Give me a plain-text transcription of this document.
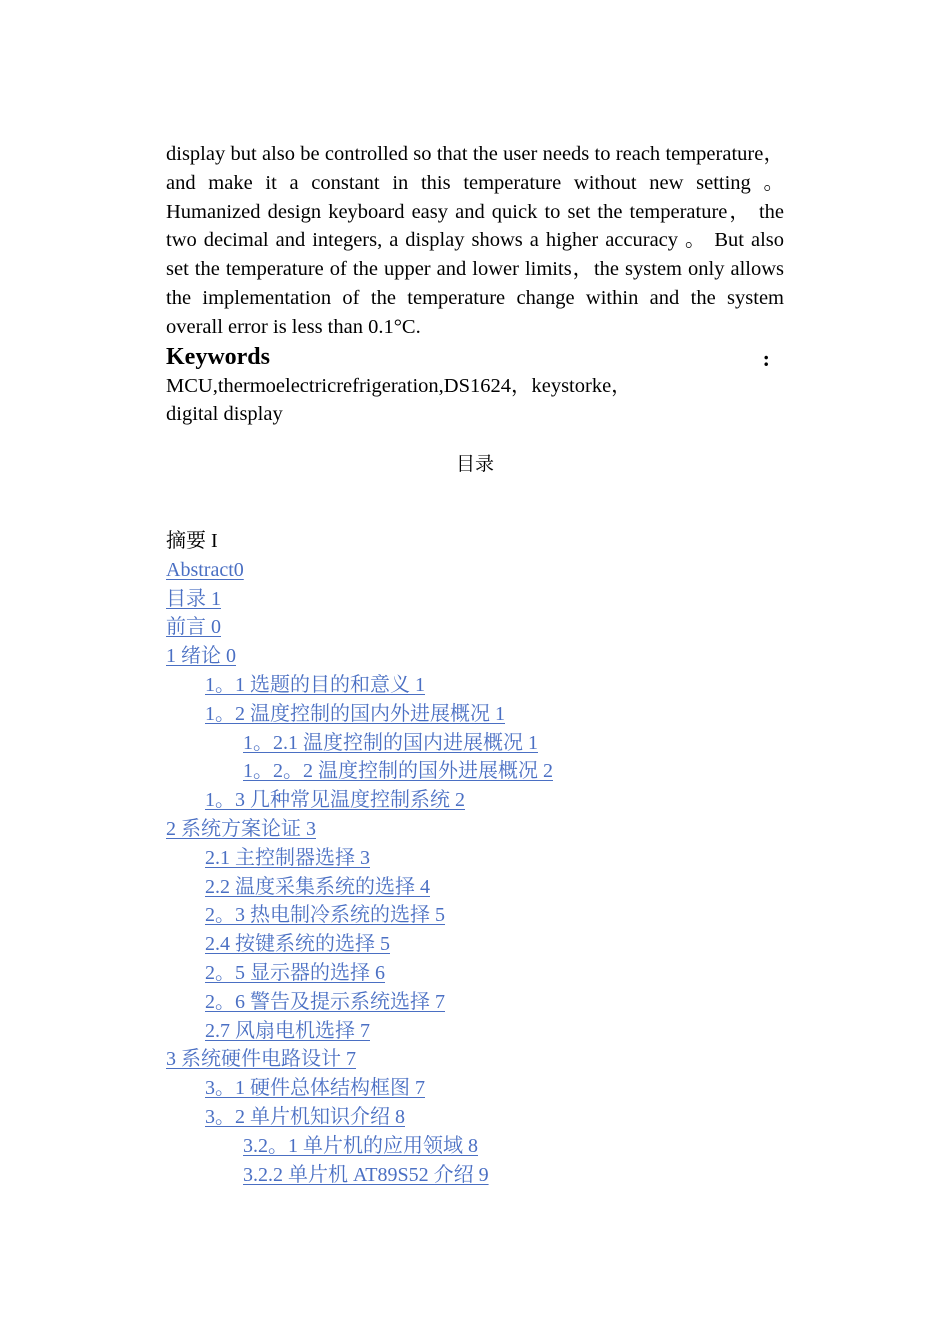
display but also be controlled so that the user needs to reach temperature， and make it a constant in this temperature without new setting 。 Humanized design keyboard easy and quick to set the temperature， the two decimal and integers, a display shows a higher accuracy 。 But also set the temperature of the upper and lower limits，the system only allows the implementation of the temperature change within and the system overall error is less than 0.1°C.

Keywords	:

MCU,thermoelectricrefrigeration,DS1624，keystorke，
digital display

目录
摘要 I
Abstract0
目录 1
前言 0
1 绪论 0
1。1 选题的目的和意义 1
1。2 温度控制的国内外进展概况 1
1。2.1 温度控制的国内进展概况 1
1。2。2 温度控制的国外进展概况 2
1。3 几种常见温度控制系统 2
2 系统方案论证 3
2.1 主控制器选择 3
2.2 温度采集系统的选择 4
2。3 热电制冷系统的选择 5
2.4 按键系统的选择 5
2。5 显示器的选择 6
2。6 警告及提示系统选择 7
2.7 风扇电机选择 7
3 系统硬件电路设计 7
3。1 硬件总体结构框图 7
3。2 单片机知识介绍 8
3.2。1 单片机的应用领域 8
3.2.2 单片机 AT89S52 介绍 9
